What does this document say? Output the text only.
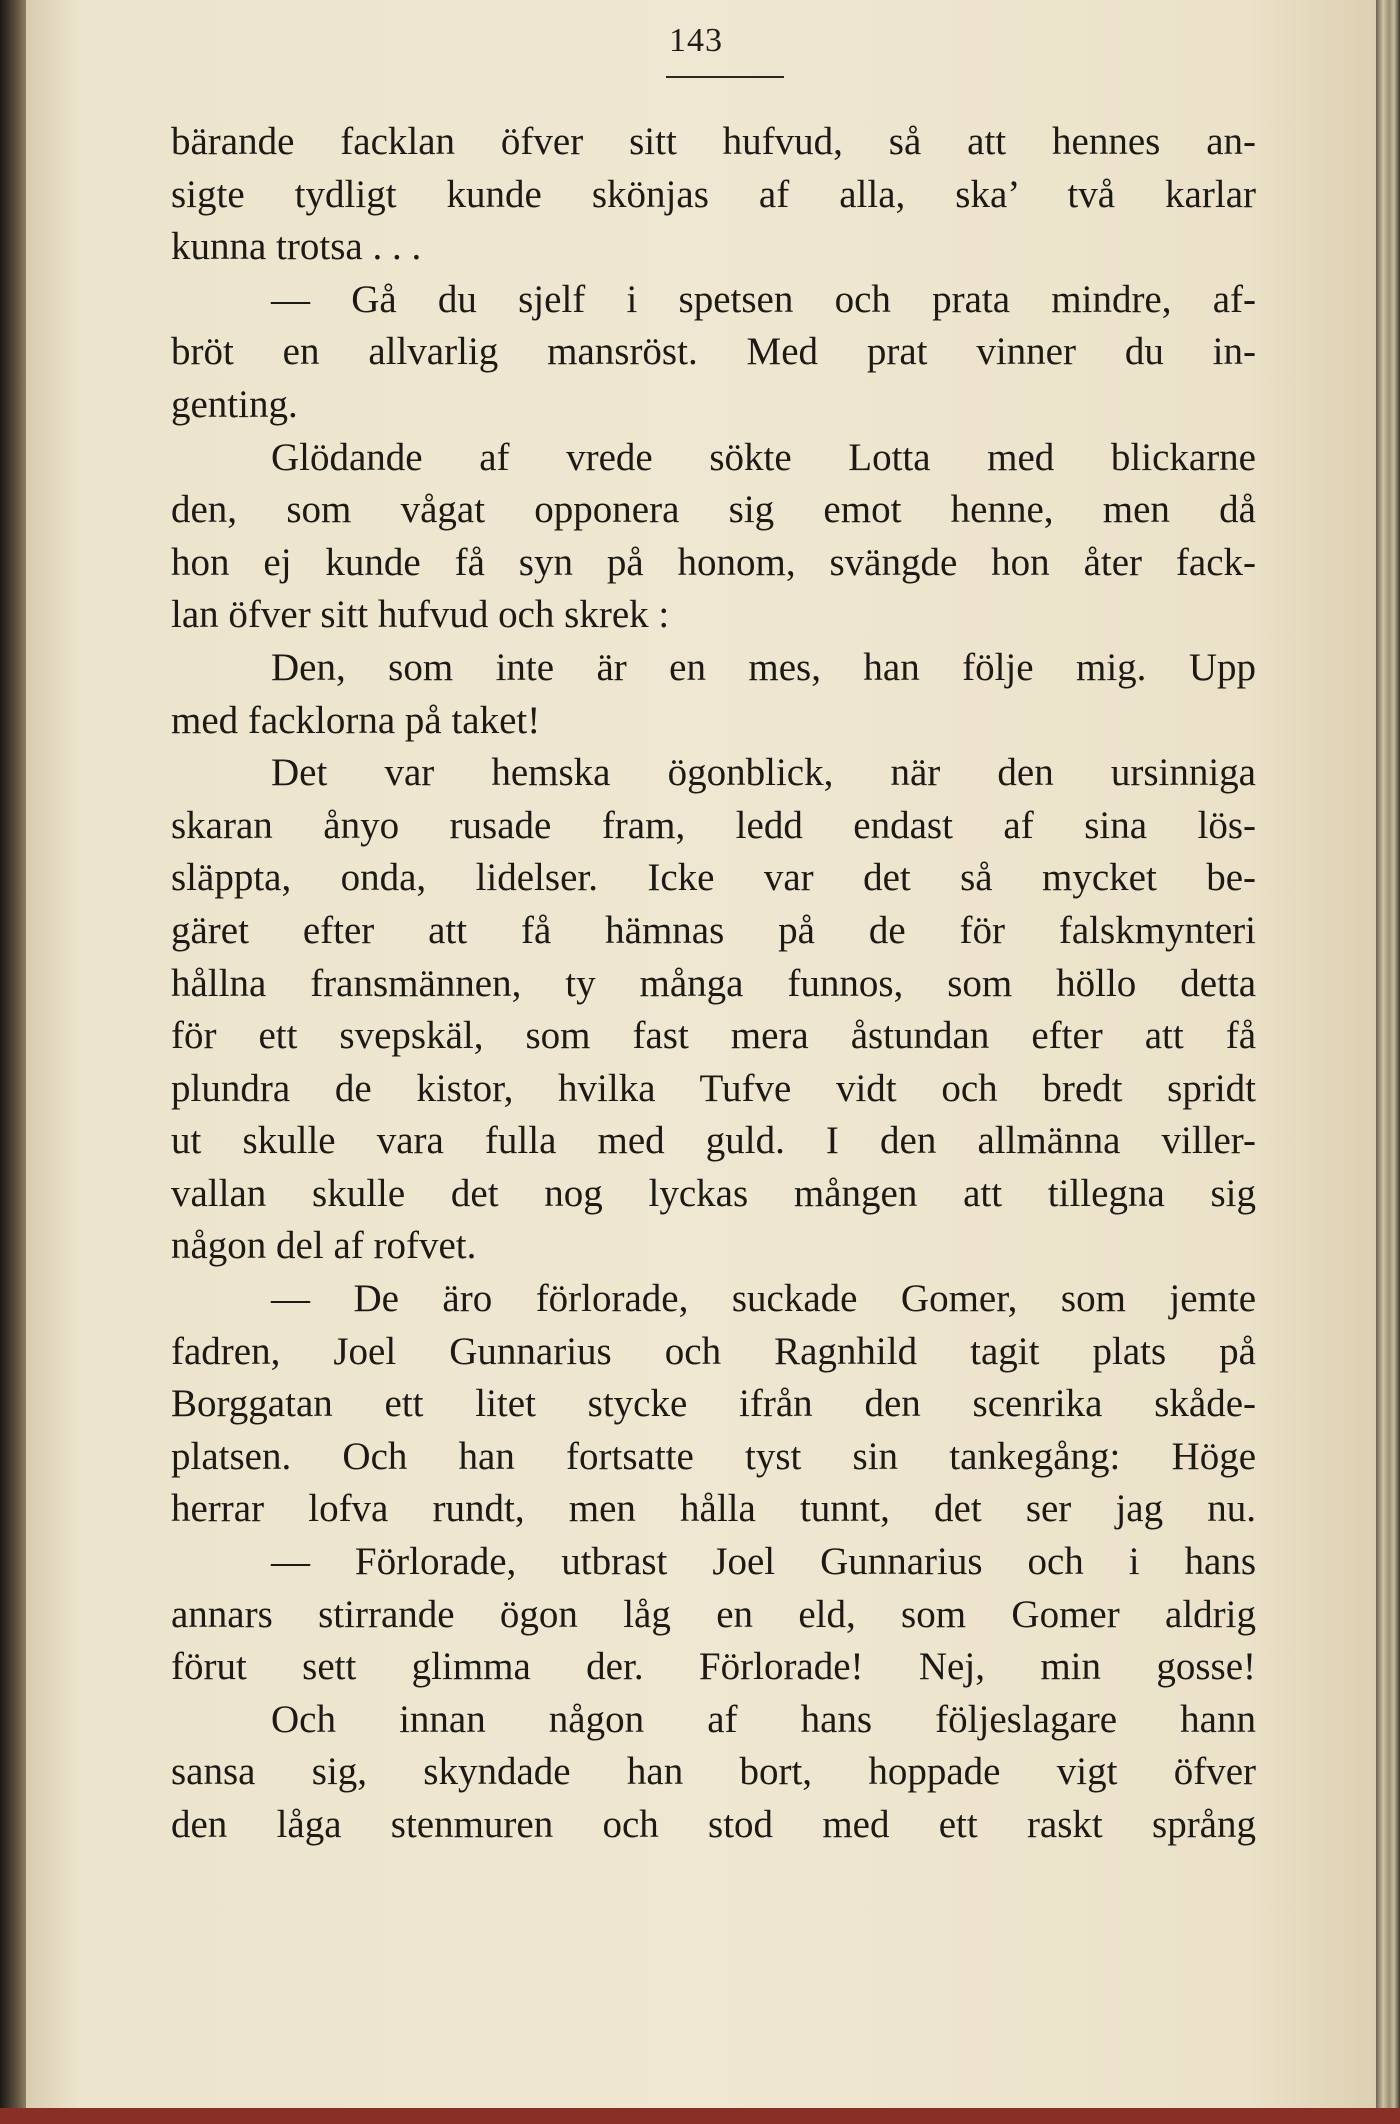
143
bärande facklan öfver sitt hufvud, så att hennes an-
sigte tydligt kunde skönjas af alla, ska’ två karlar
kunna trotsa . . .
— Gå du sjelf i spetsen och prata mindre, af-
bröt en allvarlig mansröst. Med prat vinner du in-
genting.
Glödande af vrede sökte Lotta med blickarne
den, som vågat opponera sig emot henne, men då
hon ej kunde få syn på honom, svängde hon åter fack-
lan öfver sitt hufvud och skrek :
Den, som inte är en mes, han följe mig. Upp
med facklorna på taket!
Det var hemska ögonblick, när den ursinniga
skaran ånyo rusade fram, ledd endast af sina lös-
släppta, onda, lidelser. Icke var det så mycket be-
gäret efter att få hämnas på de för falskmynteri
hållna fransmännen, ty många funnos, som höllo detta
för ett svepskäl, som fast mera åstundan efter att få
plundra de kistor, hvilka Tufve vidt och bredt spridt
ut skulle vara fulla med guld. I den allmänna viller-
vallan skulle det nog lyckas mången att tillegna sig
någon del af rofvet.
— De äro förlorade, suckade Gomer, som jemte
fadren, Joel Gunnarius och Ragnhild tagit plats på
Borggatan ett litet stycke ifrån den scenrika skåde-
platsen. Och han fortsatte tyst sin tankegång: Höge
herrar lofva rundt, men hålla tunnt, det ser jag nu.
— Förlorade, utbrast Joel Gunnarius och i hans
annars stirrande ögon låg en eld, som Gomer aldrig
förut sett glimma der. Förlorade! Nej, min gosse!
Och innan någon af hans följeslagare hann
sansa sig, skyndade han bort, hoppade vigt öfver
den låga stenmuren och stod med ett raskt språng
